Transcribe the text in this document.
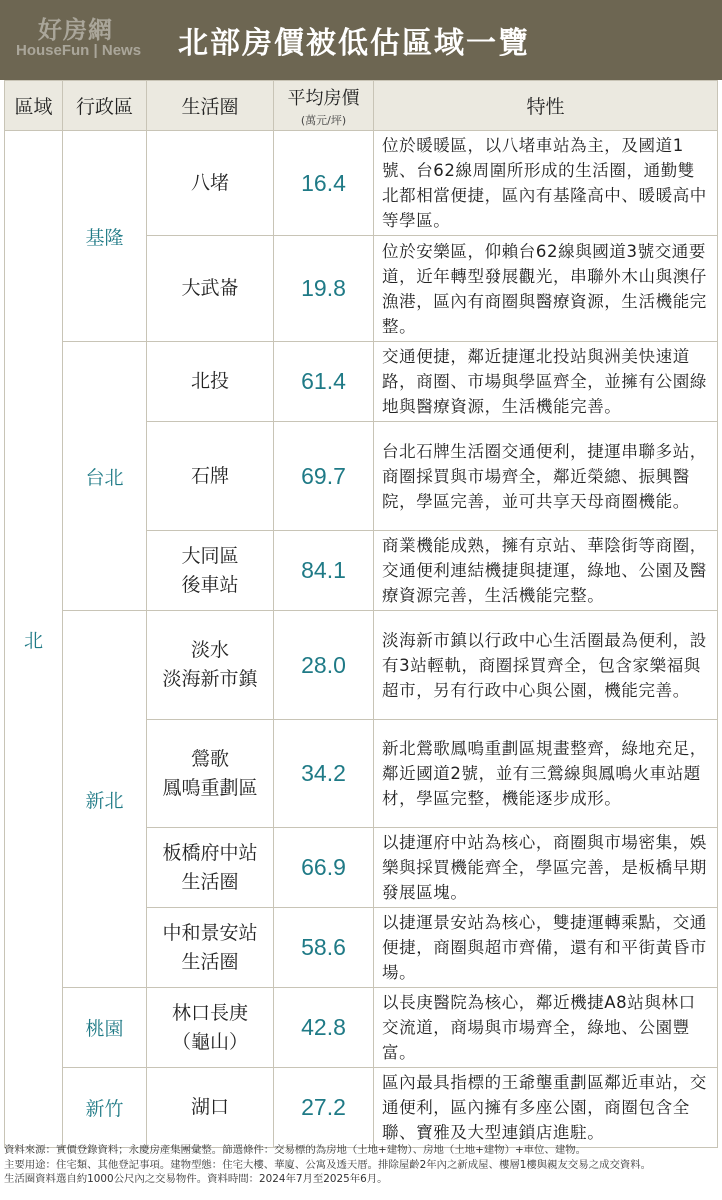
好房網
HouseFun | News 北部房價被低估區域一覽
區域	行政區	生活圈	平均房價
(萬元/坪)	特性
北	基隆	八堵	16.4	位於暖暖區，以八堵車站為主，及國道1號、台62線周圍所形成的生活圈，通勤雙北都相當便捷，區內有基隆高中、暖暖高中等學區。
		大武崙	19.8	位於安樂區，仰賴台62線與國道3號交通要道，近年轉型發展觀光，串聯外木山與澳仔漁港，區內有商圈與醫療資源，生活機能完整。
	台北	北投	61.4	交通便捷，鄰近捷運北投站與洲美快速道路，商圈、市場與學區齊全，並擁有公園綠地與醫療資源，生活機能完善。
		石牌	69.7	台北石牌生活圈交通便利，捷運串聯多站，商圈採買與市場齊全，鄰近榮總、振興醫院，學區完善，並可共享天母商圈機能。

		大同區
後車站	84.1	商業機能成熟，擁有京站、華陰街等商圈，交通便利連結機捷與捷運，綠地、公園及醫療資源完善，生活機能完整。
	新北	淡水
淡海新市鎮	28.0	淡海新市鎮以行政中心生活圈最為便利，設有3站輕軌，商圈採買齊全，包含家樂福與超市，另有行政中心與公園，機能完善。

		鶯歌
鳳鳴重劃區	34.2	新北鶯歌鳳鳴重劃區規畫整齊，綠地充足，鄰近國道2號，並有三鶯線與鳳鳴火車站題材，學區完整，機能逐步成形。

		板橋府中站
生活圈	66.9	以捷運府中站為核心，商圈與市場密集，娛樂與採買機能齊全，學區完善，是板橋早期發展區塊。

		中和景安站
生活圈	58.6	以捷運景安站為核心，雙捷運轉乘點，交通便捷，商圈與超市齊備，還有和平街黃昏市場。
	桃園	林口長庚
（龜山）	42.8	以長庚醫院為核心，鄰近機捷A8站與林口交流道，商場與市場齊全，綠地、公園豐富。
	新竹	湖口	27.2	區內最具指標的王爺壟重劃區鄰近車站，交通便利，區內擁有多座公園，商圈包含全聯、寶雅及大型連鎖店進駐。
資料來源：實價登錄資料；永慶房產集團彙整。篩選條件：交易標的為房地（土地+建物）、房地（土地+建物）+車位、建物。
主要用途：住宅類、其他登記事項。建物型態：住宅大樓、華廈、公寓及透天厝。排除屋齡2年內之新成屋、樓層1樓與親友交易之成交資料。
生活圈資料選自約1000公尺內之交易物件。資料時間：2024年7月至2025年6月。
